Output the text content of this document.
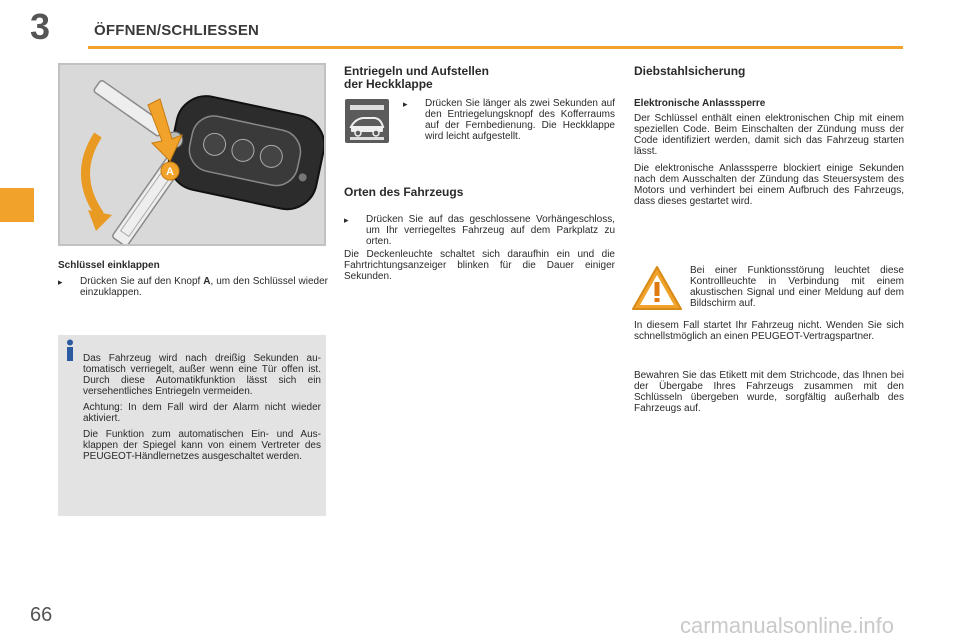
3	ÖFFNEN/SCHLIESSEN
A
Schlüssel einklappen
▸	Drücken Sie auf den Knopf A, um den Schlüssel wieder einzuklappen.

Das Fahrzeug wird nach dreißig Sekunden automatisch verriegelt, außer wenn eine Tür offen ist. Durch diese Automatikfunktion lässt sich ein versehentliches Entriegeln vermeiden.

Achtung: In dem Fall wird der Alarm nicht wieder aktiviert.

Die Funktion zum automatischen Ein- und Ausklappen der Spiegel kann von einem Vertreter des PEUGEOT-Händlernetzes ausgeschaltet werden.

Entriegeln und Aufstellen
der Heckklappe
▸	Drücken Sie länger als zwei Sekunden auf den Entriegelungsknopf des Kofferraums auf der Fernbedienung. Die Heckklappe wird leicht aufgestellt.
Orten des Fahrzeugs
▸	Drücken Sie auf das geschlossene Vorhängeschloss, um Ihr verriegeltes Fahrzeug auf dem Parkplatz zu orten.

Die Deckenleuchte schaltet sich daraufhin ein und die Fahrtrichtungsanzeiger blinken für die Dauer einiger Sekunden.

Diebstahlsicherung
Elektronische Anlasssperre

Der Schlüssel enthält einen elektronischen Chip mit einem speziellen Code. Beim Einschalten der Zündung muss der Code identifiziert werden, damit sich das Fahrzeug starten lässt.

Die elektronische Anlasssperre blockiert einige Sekunden nach dem Ausschalten der Zündung das Steuersystem des Motors und verhindert bei einem Aufbruch des Fahrzeugs, dass dieses gestartet wird.

Bei einer Funktionsstörung leuchtet diese Kontrollleuchte in Verbindung mit einem akustischen Signal und einer Meldung auf dem Bildschirm auf.

In diesem Fall startet Ihr Fahrzeug nicht. Wenden Sie sich schnellstmöglich an einen PEUGEOT-Vertragspartner.

Bewahren Sie das Etikett mit dem Strichcode, das Ihnen bei der Übergabe Ihres Fahrzeugs zusammen mit den Schlüsseln übergeben wurde, sorgfältig außerhalb des Fahrzeugs auf.

66	carmanualsonline.info
